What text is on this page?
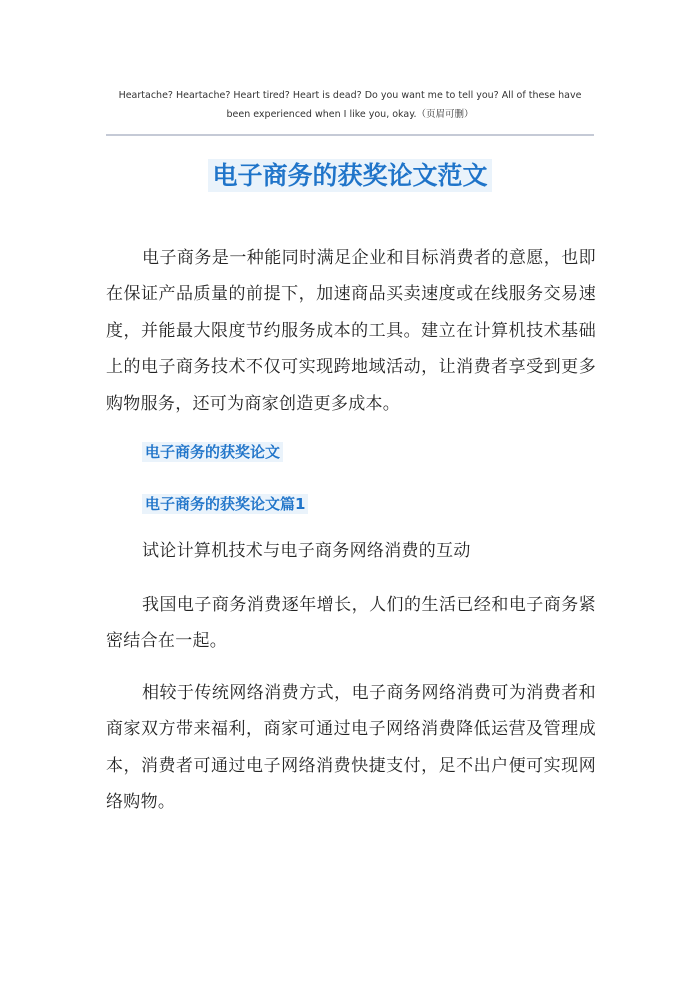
Heartache? Heartache? Heart tired? Heart is dead? Do you want me to tell you? All of these have been experienced when I like you, okay.（页眉可删）
电子商务的获奖论文范文

电子商务是一种能同时满足企业和目标消费者的意愿，也即在保证产品质量的前提下，加速商品买卖速度或在线服务交易速度，并能最大限度节约服务成本的工具。建立在计算机技术基础上的电子商务技术不仅可实现跨地域活动，让消费者享受到更多购物服务，还可为商家创造更多成本。

电子商务的获奖论文

电子商务的获奖论文篇1

试论计算机技术与电子商务网络消费的互动

我国电子商务消费逐年增长，人们的生活已经和电子商务紧密结合在一起。

相较于传统网络消费方式，电子商务网络消费可为消费者和商家双方带来福利，商家可通过电子网络消费降低运营及管理成本，消费者可通过电子网络消费快捷支付，足不出户便可实现网络购物。
